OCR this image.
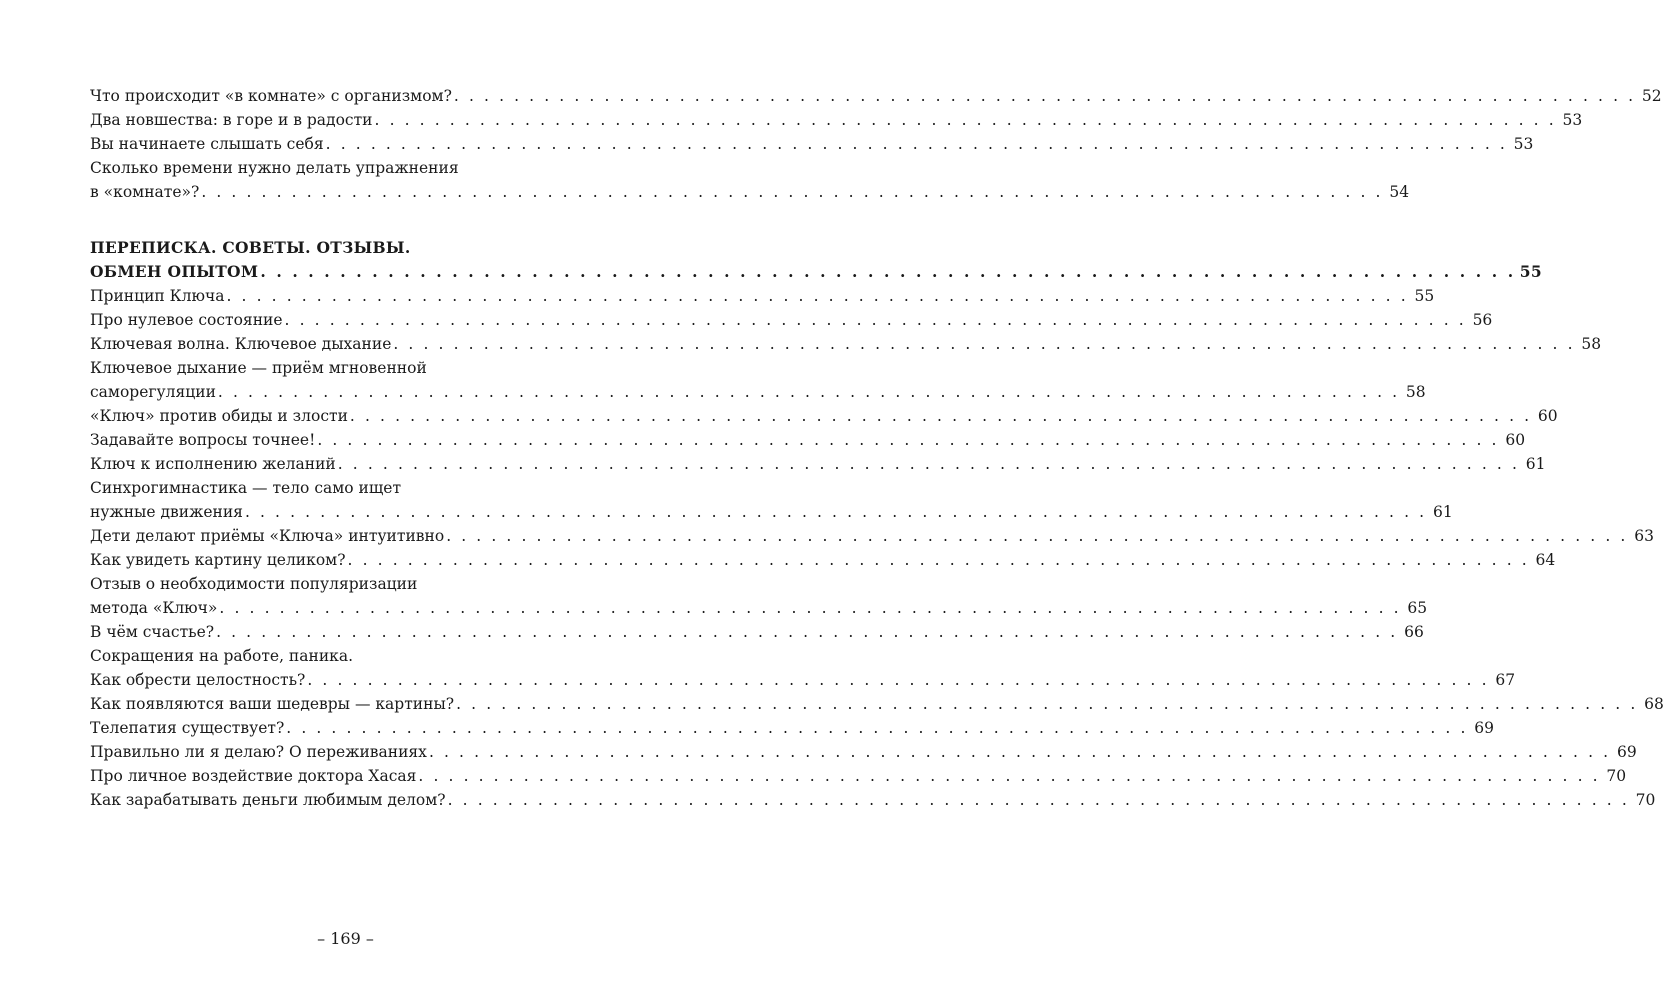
Что происходит «в комнате» с организмом? . . .	52
Два новшества: в горе и в радости . . .	53
Вы начинаете слышать себя . . .	53
Сколько времени нужно делать упражнения
в «комнате»? . . .	54
ПЕРЕПИСКА. СОВЕТЫ. ОТЗЫВЫ.
ОБМЕН ОПЫТОМ . . .	55
Принцип Ключа . . .	55
Про нулевое состояние . . .	56
Ключевая волна. Ключевое дыхание . . .	58
Ключевое дыхание — приём мгновенной
саморегуляции . . .	58
«Ключ» против обиды и злости . . .	60
Задавайте вопросы точнее! . . .	60
Ключ к исполнению желаний . . .	61
Синхрогимнастика — тело само ищет
нужные движения . . .	61
Дети делают приёмы «Ключа» интуитивно . . .	63
Как увидеть картину целиком? . . .	64
Отзыв о необходимости популяризации
метода «Ключ» . . .	65
В чём счастье? . . .	66
Сокращения на работе, паника.
Как обрести целостность? . . .	67
Как появляются ваши шедевры — картины? . . .	68
Телепатия существует? . . .	69
Правильно ли я делаю? О переживаниях . . .	69
Про личное воздействие доктора Хасая . . .	70
Как зарабатывать деньги любимым делом? . . .	70
– 169 –
